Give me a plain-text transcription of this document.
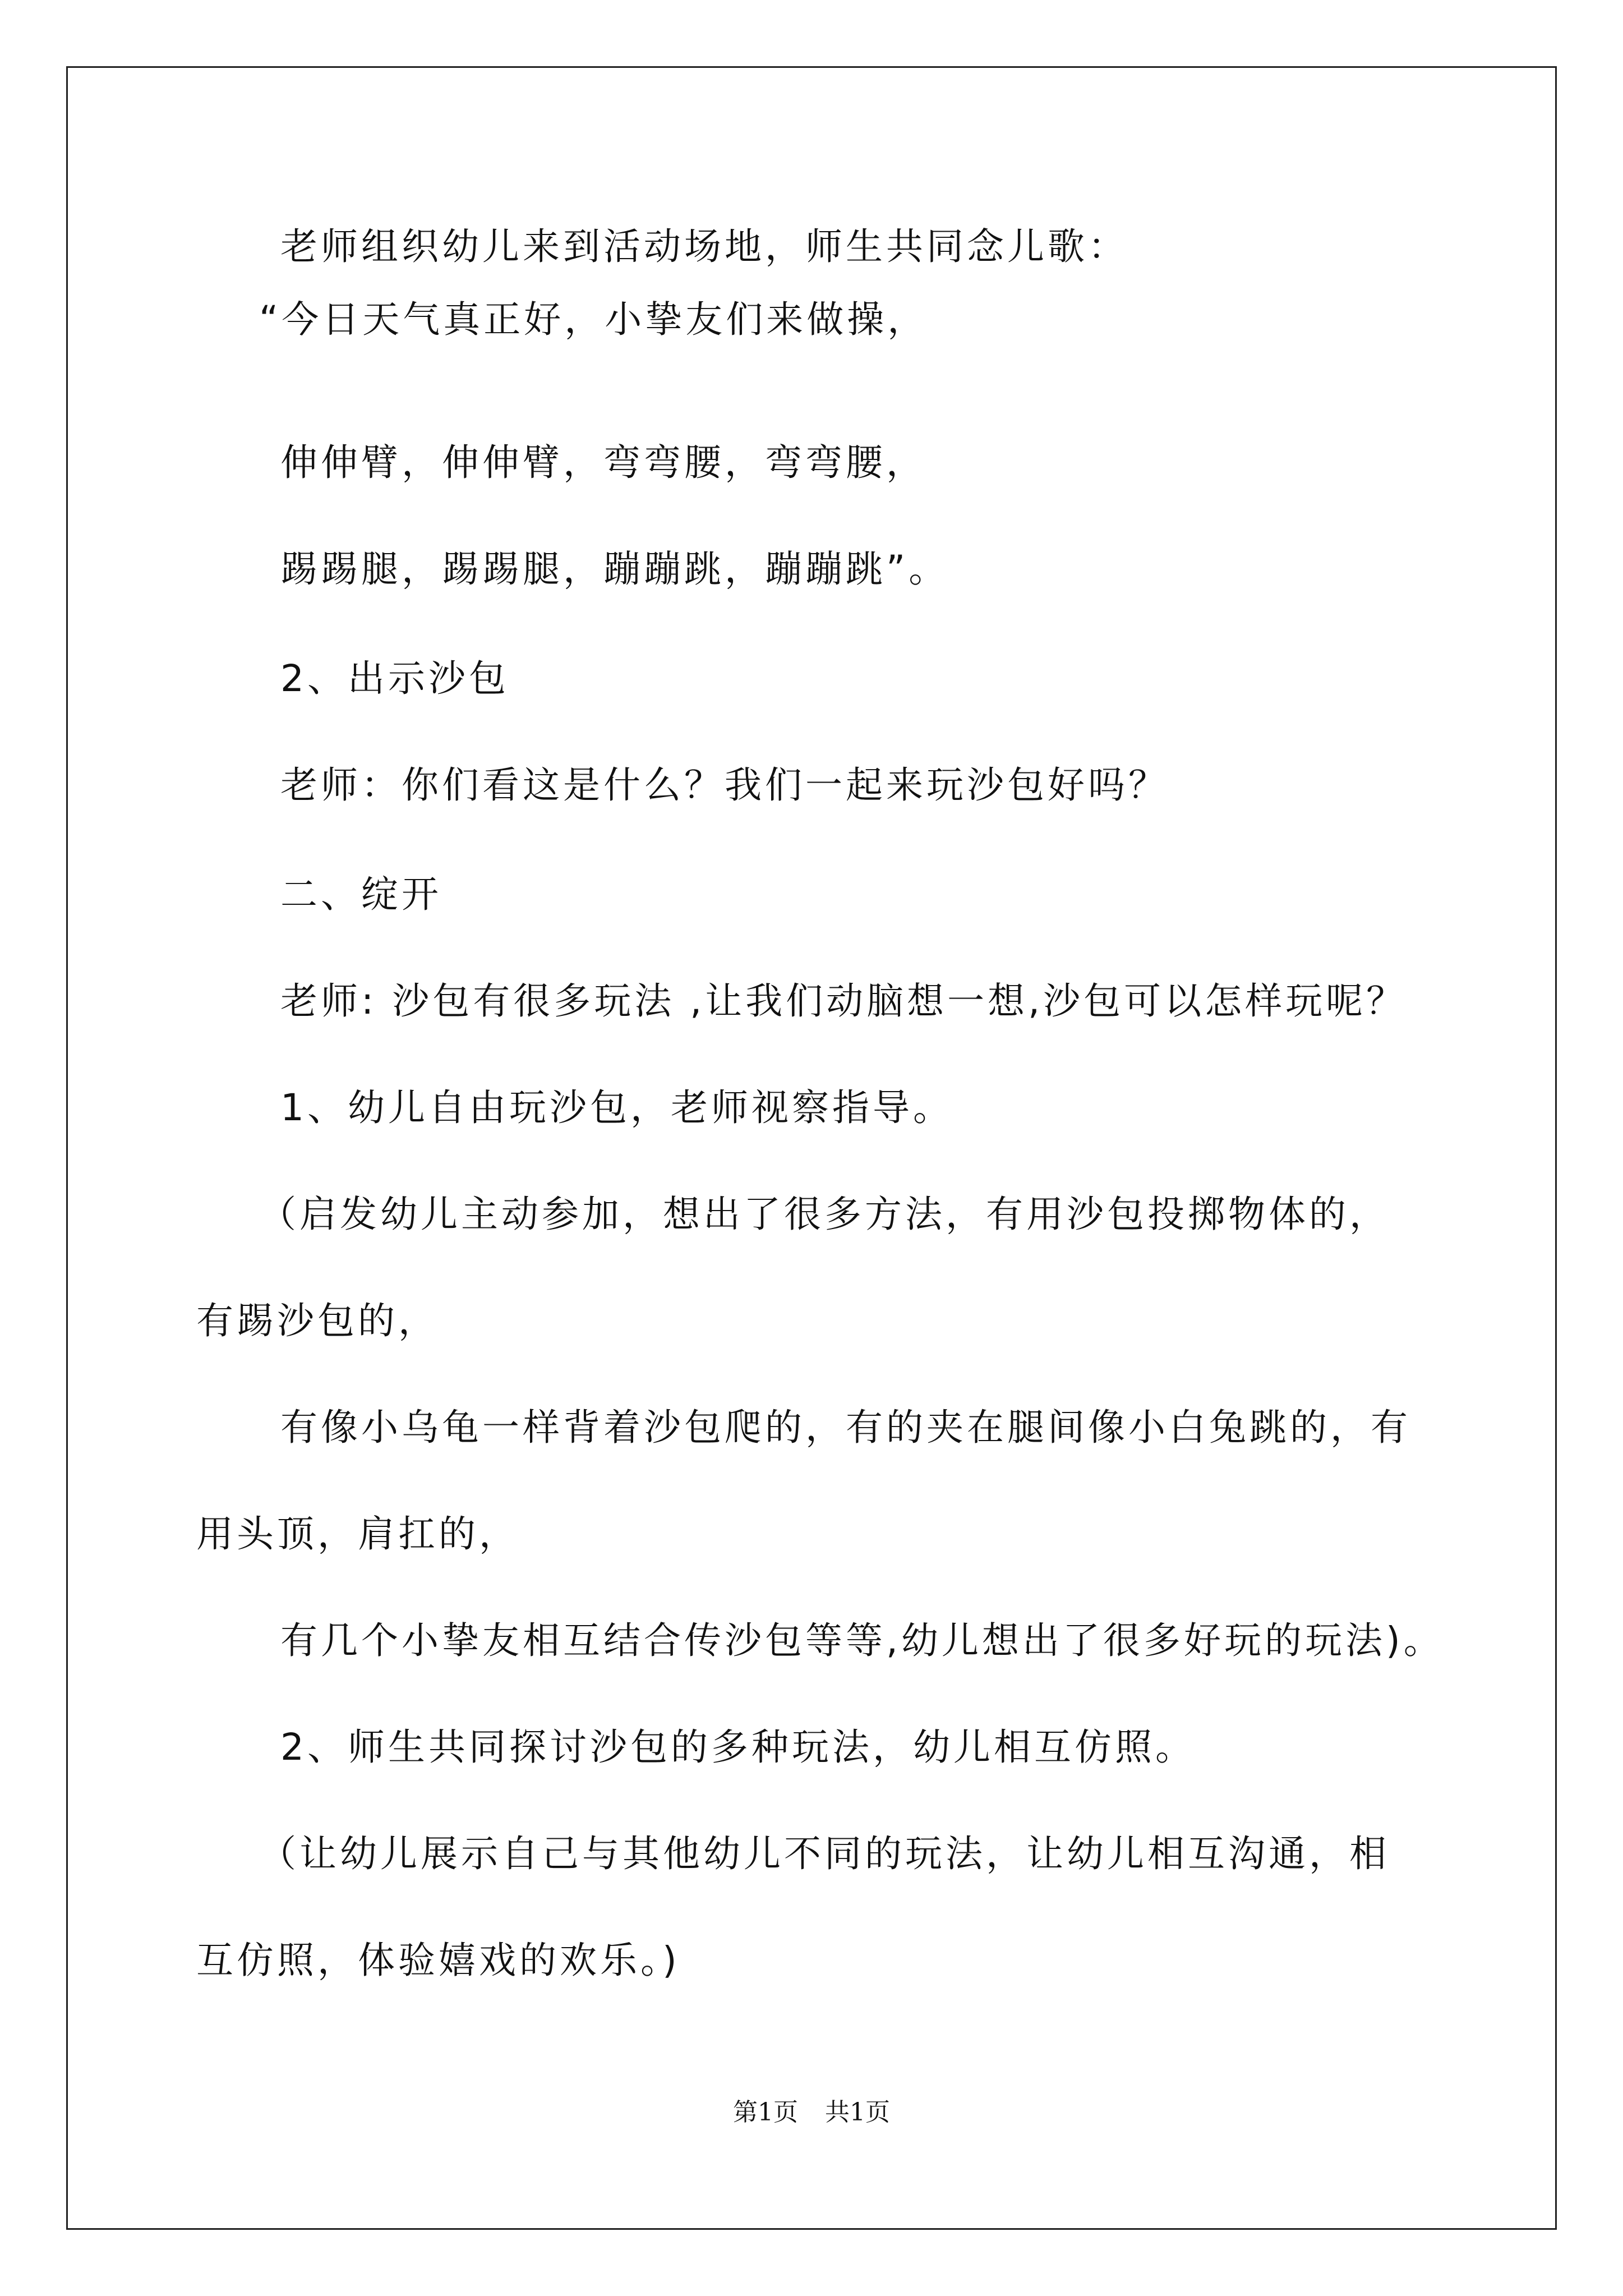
老师组织幼儿来到活动场地，师生共同念儿歌：
“今日天气真正好，小挚友们来做操，
伸伸臂，伸伸臂，弯弯腰，弯弯腰，
踢踢腿，踢踢腿，蹦蹦跳，蹦蹦跳”。
2、出示沙包
老师：你们看这是什么？我们一起来玩沙包好吗？
二、绽开
老师: 沙包有很多玩法 ,让我们动脑想一想,沙包可以怎样玩呢？
1、幼儿自由玩沙包，老师视察指导。
（启发幼儿主动参加，想出了很多方法，有用沙包投掷物体的，
有踢沙包的，
有像小乌龟一样背着沙包爬的，有的夹在腿间像小白兔跳的，有
用头顶，肩扛的，
有几个小挚友相互结合传沙包等等,幼儿想出了很多好玩的玩法)。
2、师生共同探讨沙包的多种玩法，幼儿相互仿照。
（让幼儿展示自己与其他幼儿不同的玩法，让幼儿相互沟通，相
互仿照，体验嬉戏的欢乐。)
第1页 共1页
